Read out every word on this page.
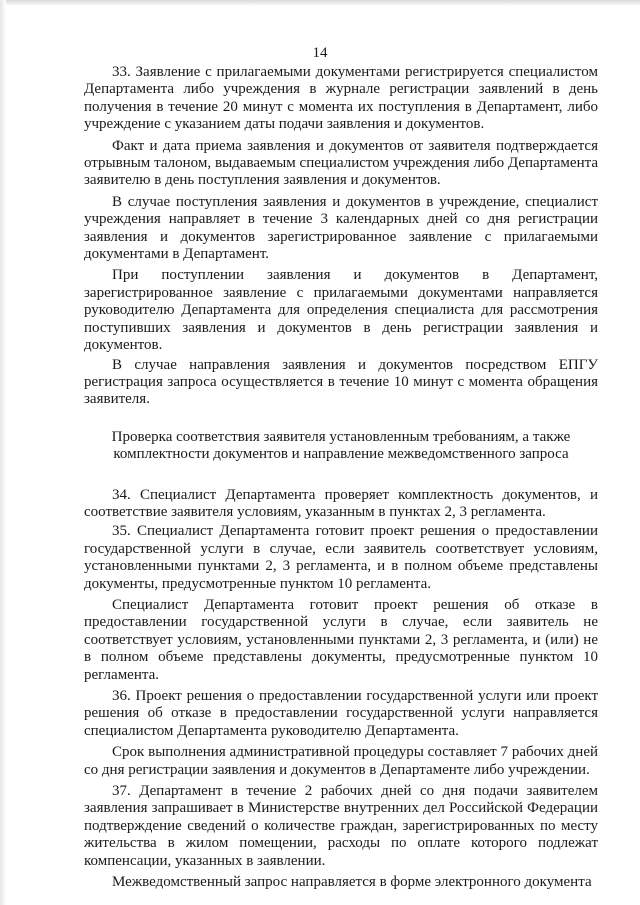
14

33. Заявление с прилагаемыми документами регистрируется специалистом Департамента либо учреждения в журнале регистрации заявлений в день получения в течение 20 минут с момента их поступления в Департамент, либо учреждение с указанием даты подачи заявления и документов.

Факт и дата приема заявления и документов от заявителя подтверждается отрывным талоном, выдаваемым специалистом учреждения либо Департамента заявителю в день поступления заявления и документов.

В случае поступления заявления и документов в учреждение, специалист учреждения направляет в течение 3 календарных дней со дня регистрации заявления и документов зарегистрированное заявление с прилагаемыми документами в Департамент.

При поступлении заявления и документов в Департамент, зарегистрированное заявление с прилагаемыми документами направляется руководителю Департамента для определения специалиста для рассмотрения поступивших заявления и документов в день регистрации заявления и документов.

В случае направления заявления и документов посредством ЕПГУ регистрация запроса осуществляется в течение 10 минут с момента обращения заявителя.

Проверка соответствия заявителя установленным требованиям, а также комплектности документов и направление межведомственного запроса

34. Специалист Департамента проверяет комплектность документов, и соответствие заявителя условиям, указанным в пунктах 2, 3 регламента.

35. Специалист Департамента готовит проект решения о предоставлении государственной услуги в случае, если заявитель соответствует условиям, установленными пунктами 2, 3 регламента, и в полном объеме представлены документы, предусмотренные пунктом 10 регламента.

Специалист Департамента готовит проект решения об отказе в предоставлении государственной услуги в случае, если заявитель не соответствует условиям, установленными пунктами 2, 3 регламента, и (или) не в полном объеме представлены документы, предусмотренные пунктом 10 регламента.

36. Проект решения о предоставлении государственной услуги или проект решения об отказе в предоставлении государственной услуги направляется специалистом Департамента руководителю Департамента.

Срок выполнения административной процедуры составляет 7 рабочих дней со дня регистрации заявления и документов в Департаменте либо учреждении.

37. Департамент в течение 2 рабочих дней со дня подачи заявителем заявления запрашивает в Министерстве внутренних дел Российской Федерации подтверждение сведений о количестве граждан, зарегистрированных по месту жительства в жилом помещении, расходы по оплате которого подлежат компенсации, указанных в заявлении.

Межведомственный запрос направляется в форме электронного документа
